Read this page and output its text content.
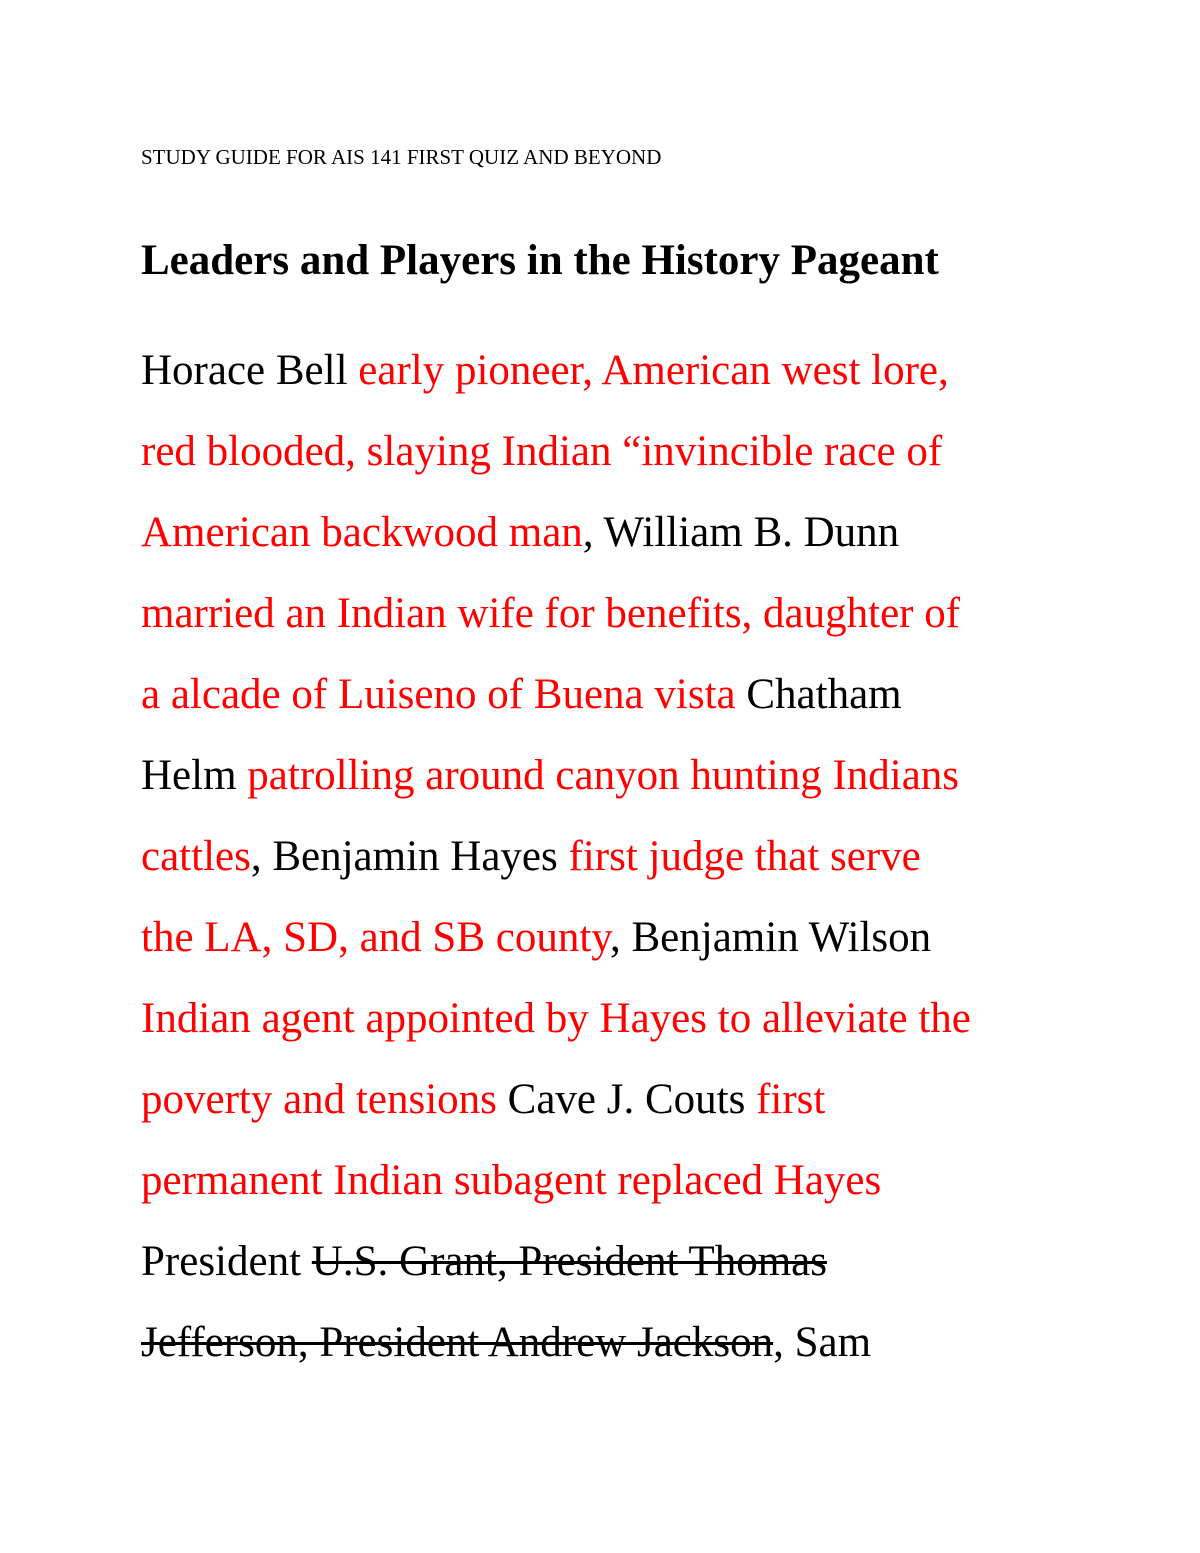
STUDY GUIDE FOR AIS 141 FIRST QUIZ AND BEYOND
Leaders and Players in the History Pageant
Horace Bell early pioneer, American west lore,
red blooded, slaying Indian “invincible race of
American backwood man, William B. Dunn
married an Indian wife for benefits, daughter of
a alcade of Luiseno of Buena vista Chatham
Helm patrolling around canyon hunting Indians
cattles, Benjamin Hayes first judge that serve
the LA, SD, and SB county, Benjamin Wilson
Indian agent appointed by Hayes to alleviate the
poverty and tensions Cave J. Couts first
permanent Indian subagent replaced Hayes
President U.S. Grant, President Thomas
Jefferson, President Andrew Jackson, Sam
